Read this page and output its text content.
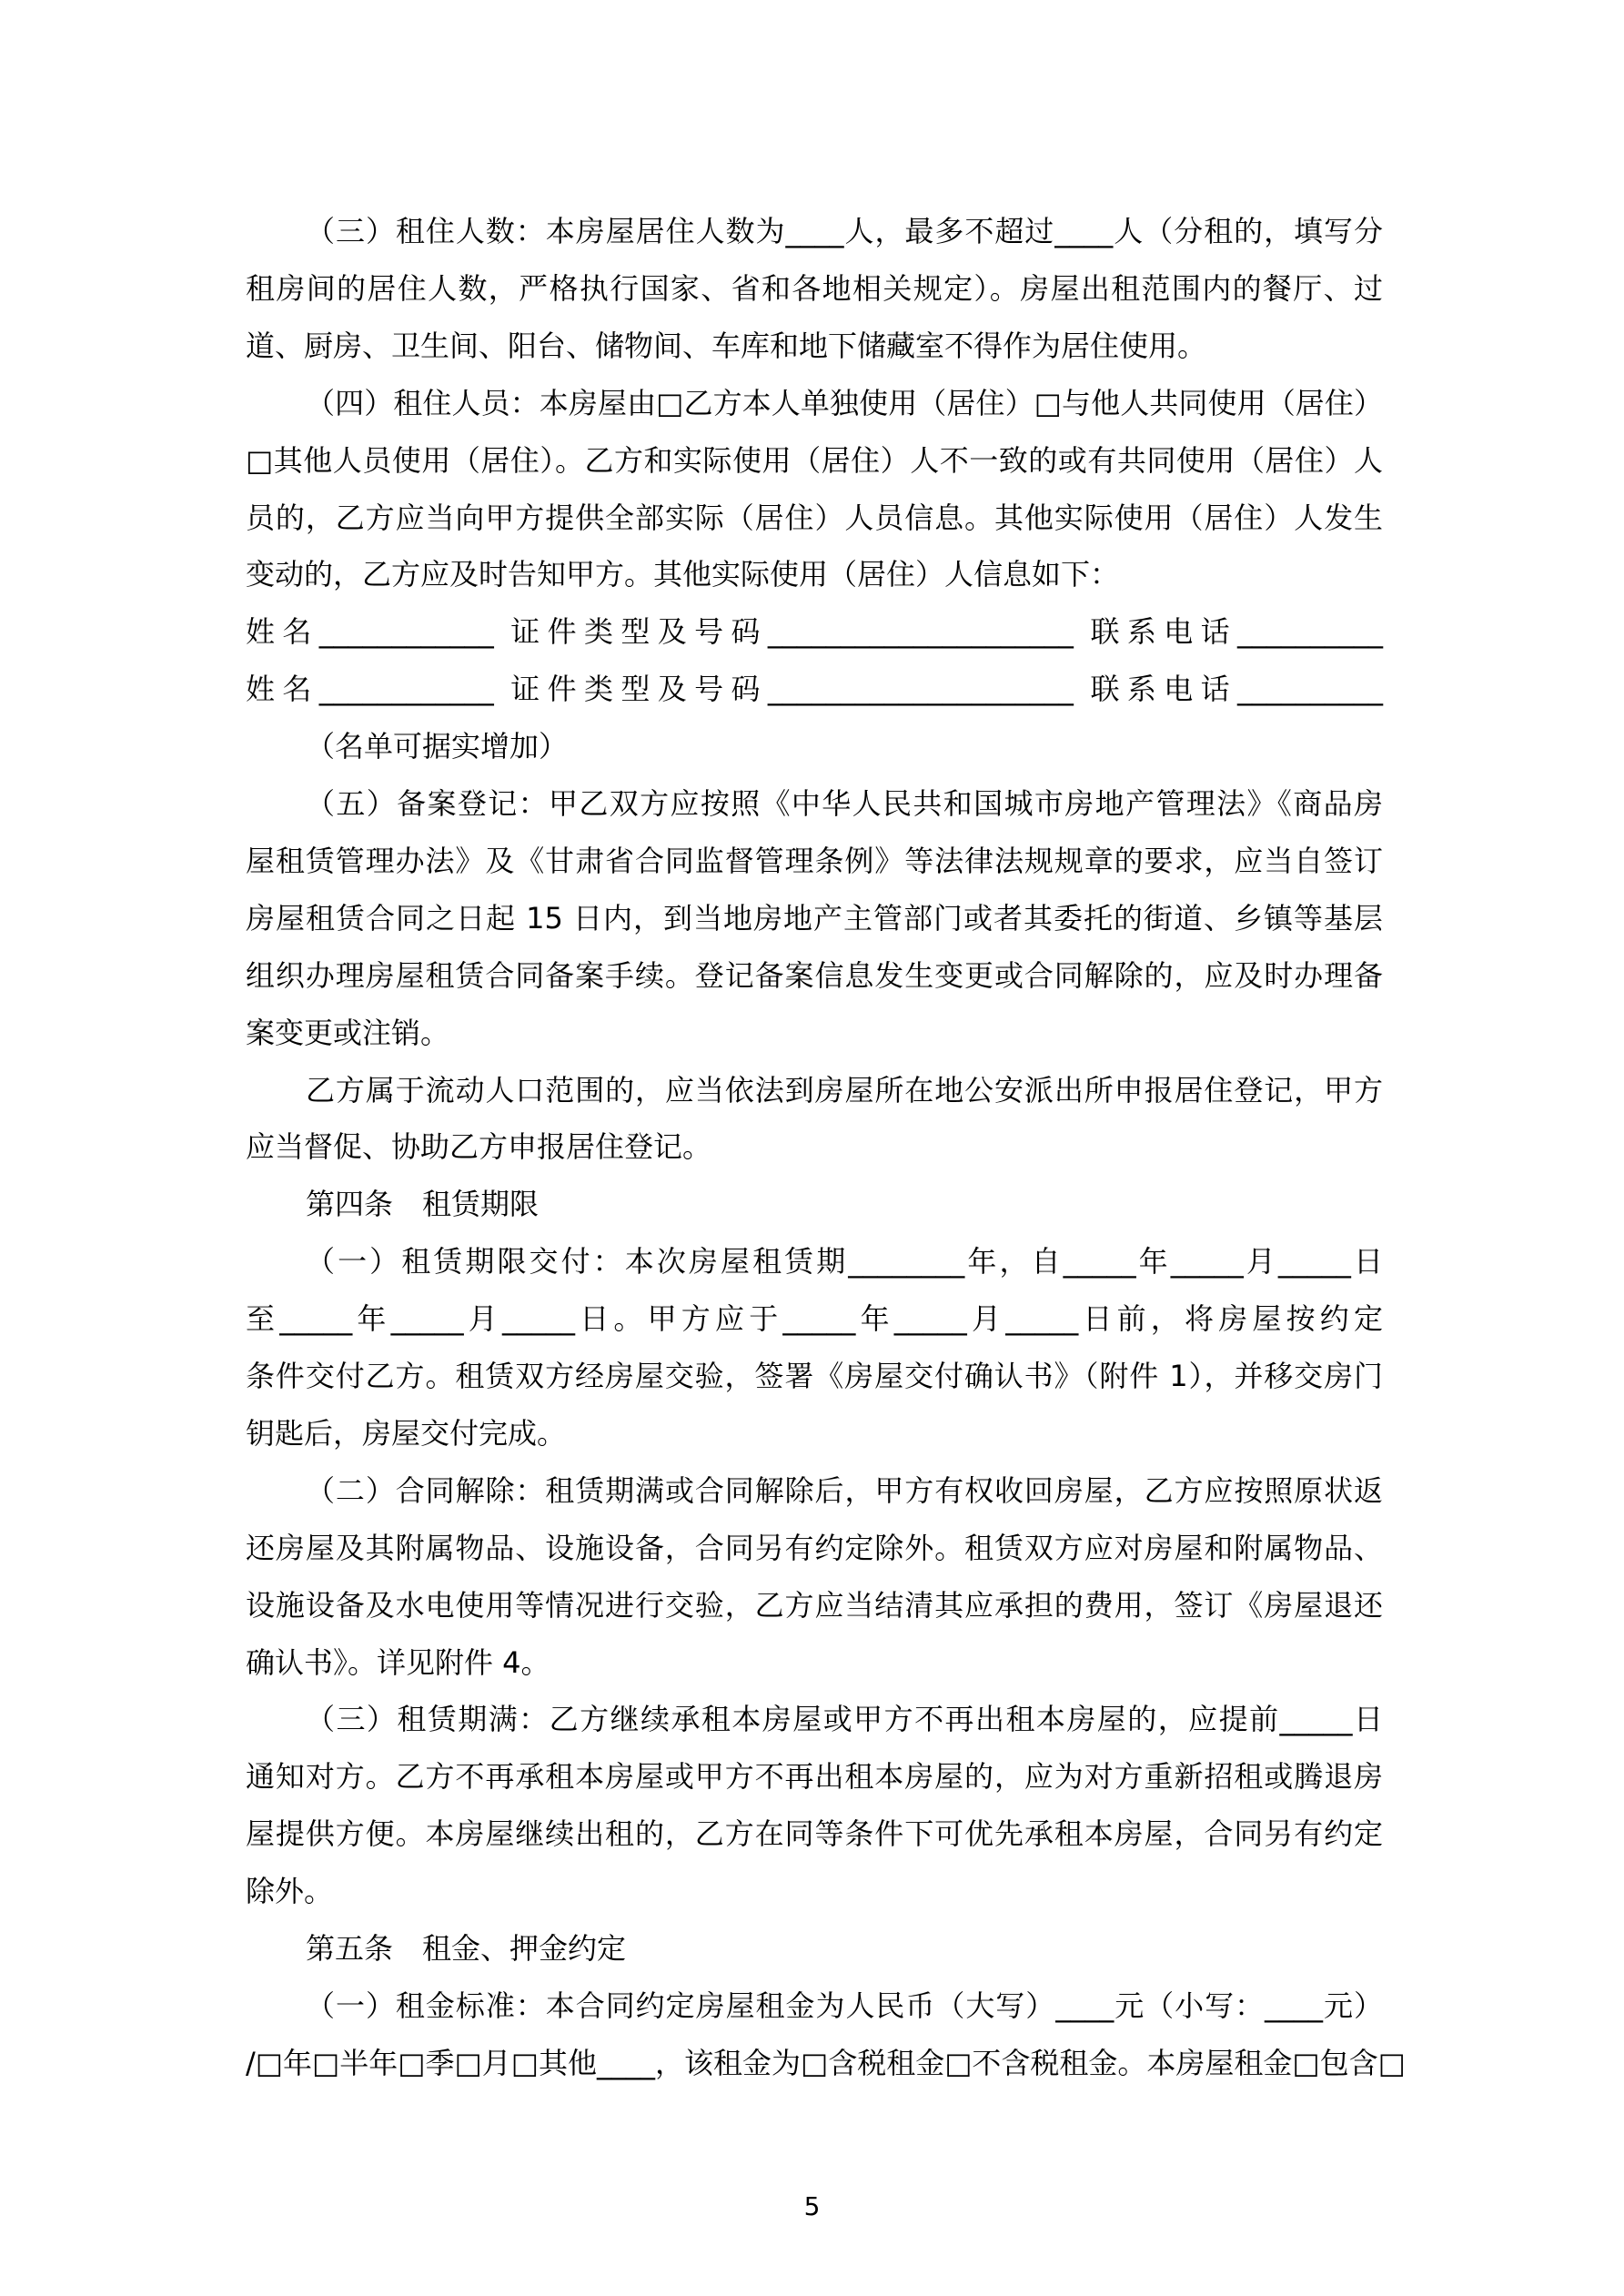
（三）租住人数：本房屋居住人数为____人，最多不超过____人（分租的，填写分
租房间的居住人数，严格执行国家、省和各地相关规定）。房屋出租范围内的餐厅、过
道、厨房、卫生间、阳台、储物间、车库和地下储藏室不得作为居住使用。
（四）租住人员：本房屋由□乙方本人单独使用（居住）□与他人共同使用（居住）
□其他人员使用（居住）。乙方和实际使用（居住）人不一致的或有共同使用（居住）人
员的，乙方应当向甲方提供全部实际（居住）人员信息。其他实际使用（居住）人发生
变动的，乙方应及时告知甲方。其他实际使用（居住）人信息如下：
姓名____________ 证件类型及号码_____________________ 联系电话__________
姓名____________ 证件类型及号码_____________________ 联系电话__________
（名单可据实增加）
（五）备案登记：甲乙双方应按照《中华人民共和国城市房地产管理法》《商品房
屋租赁管理办法》及《甘肃省合同监督管理条例》等法律法规规章的要求，应当自签订
房屋租赁合同之日起 15 日内，到当地房地产主管部门或者其委托的街道、乡镇等基层
组织办理房屋租赁合同备案手续。登记备案信息发生变更或合同解除的，应及时办理备
案变更或注销。
乙方属于流动人口范围的，应当依法到房屋所在地公安派出所申报居住登记，甲方
应当督促、协助乙方申报居住登记。
第四条　租赁期限
（一）租赁期限交付：本次房屋租赁期________年，自_____年_____月_____日
至_____年_____月_____日。甲方应于_____年_____月_____日前，将房屋按约定
条件交付乙方。租赁双方经房屋交验，签署《房屋交付确认书》（附件 1），并移交房门
钥匙后，房屋交付完成。
（二）合同解除：租赁期满或合同解除后，甲方有权收回房屋，乙方应按照原状返
还房屋及其附属物品、设施设备，合同另有约定除外。租赁双方应对房屋和附属物品、
设施设备及水电使用等情况进行交验，乙方应当结清其应承担的费用，签订《房屋退还
确认书》。详见附件 4。
（三）租赁期满：乙方继续承租本房屋或甲方不再出租本房屋的，应提前_____日
通知对方。乙方不再承租本房屋或甲方不再出租本房屋的，应为对方重新招租或腾退房
屋提供方便。本房屋继续出租的，乙方在同等条件下可优先承租本房屋，合同另有约定
除外。
第五条　租金、押金约定
（一）租金标准：本合同约定房屋租金为人民币（大写）____元（小写：____元）
/□年□半年□季□月□其他____，该租金为□含税租金□不含税租金。本房屋租金□包含□
5
